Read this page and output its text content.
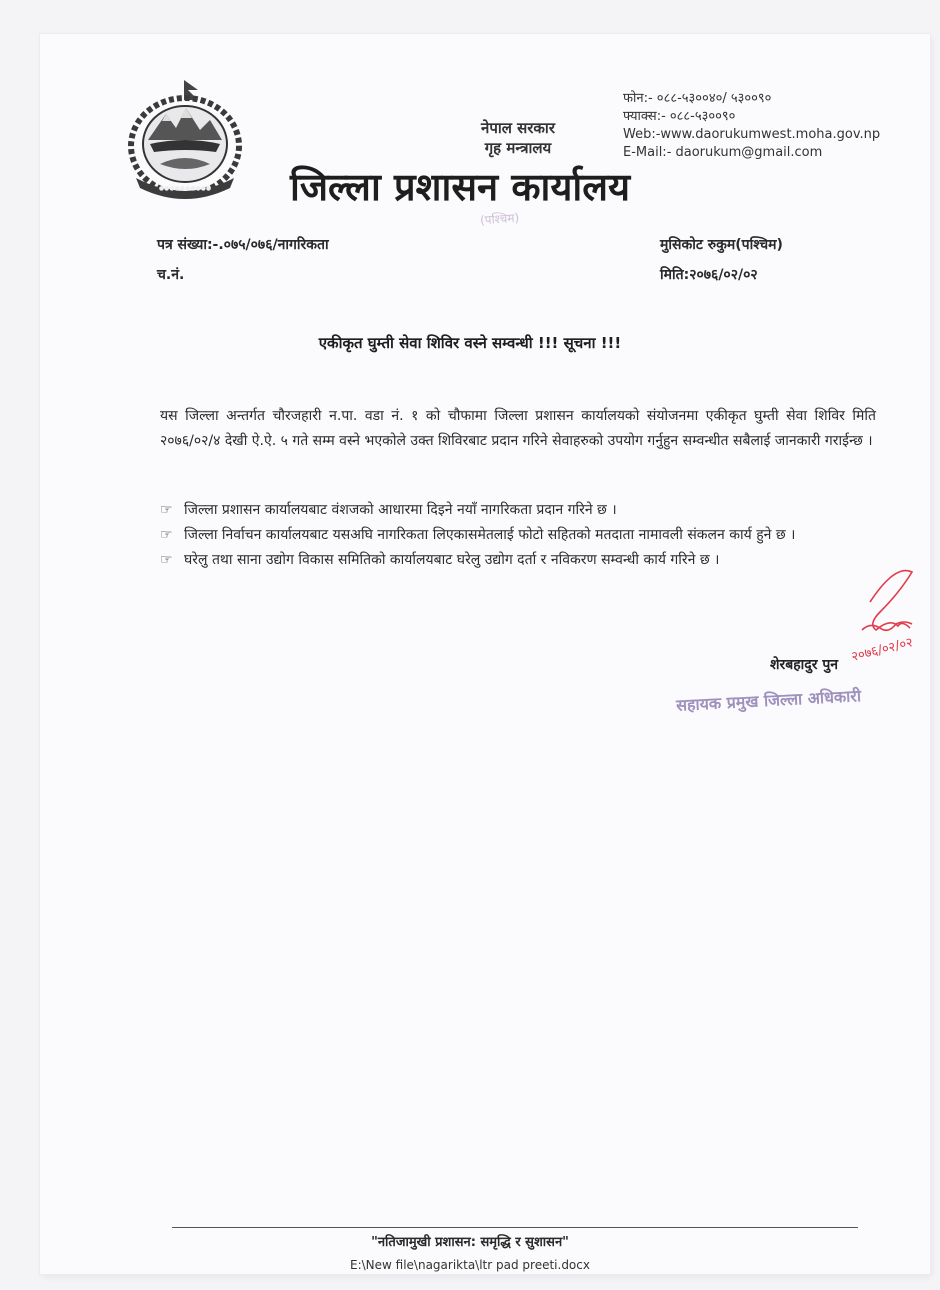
●●●●●●●●●●
नेपाल सरकार
गृह मन्त्रालय
फोन:- ०८८-५३००४०/ ५३००९०
फ्याक्स:- ०८८-५३००९०
Web:-www.daorukumwest.moha.gov.np
E-Mail:- daorukum@gmail.com
जिल्ला प्रशासन कार्यालय
(पश्चिम)
पत्र संख्या:-.०७५/०७६/नागरिकता
च.नं.
मुसिकोट रुकुम(पश्चिम)
मिति:२०७६/०२/०२
एकीकृत घुम्ती सेवा शिविर वस्ने सम्वन्धी !!! सूचना !!!
यस जिल्ला अन्तर्गत चौरजहारी न.पा. वडा नं. १ को चौफामा जिल्ला प्रशासन कार्यालयको संयोजनमा एकीकृत घुम्ती सेवा शिविर मिति २०७६/०२/४ देखी ऐ.ऐ. ५ गते सम्म वस्ने भएकोले उक्त शिविरबाट प्रदान गरिने सेवाहरुको उपयोग गर्नुहुन सम्वन्धीत सबैलाई जानकारी गराईन्छ ।
☞ जिल्ला प्रशासन कार्यालयबाट वंशजको आधारमा दिइने नयाँ नागरिकता प्रदान गरिने छ ।
☞ जिल्ला निर्वाचन कार्यालयबाट यसअघि नागरिकता लिएकासमेतलाई फोटो सहितको मतदाता नामावली संकलन कार्य हुने छ ।
☞ घरेलु तथा साना उद्योग विकास समितिको कार्यालयबाट घरेलु उद्योग दर्ता र नविकरण सम्वन्धी कार्य गरिने छ ।
२०७६/०२/०२
शेरबहादुर पुन
सहायक प्रमुख जिल्ला अधिकारी
"नतिजामुखी प्रशासन: समृद्धि र सुशासन"
E:\New file\nagarikta\ltr pad preeti.docx
